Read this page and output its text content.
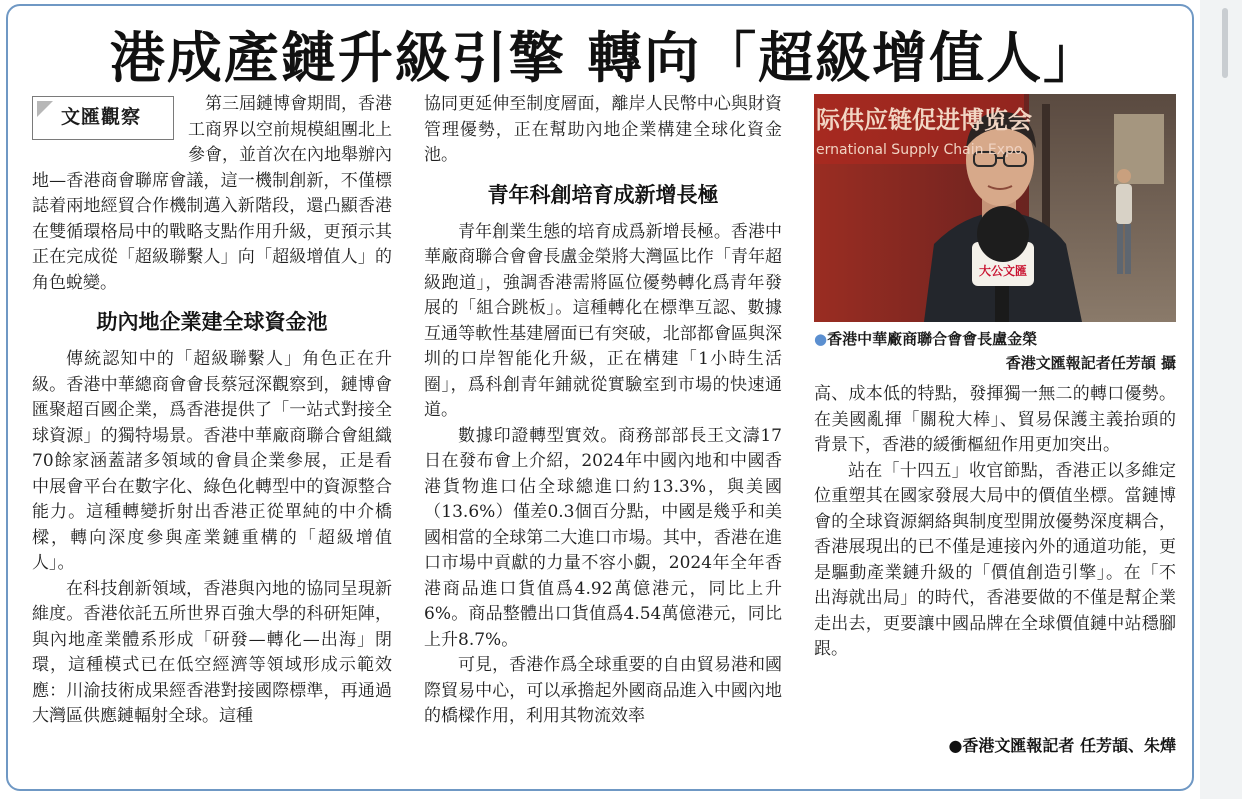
港成產鏈升級引擎 轉向「超級增值人」
文匯觀察

第三屆鏈博會期間，香港工商界以空前規模組團北上參會，並首次在內地舉辦內地—香港商會聯席會議，這一機制創新，不僅標誌着兩地經貿合作機制邁入新階段，還凸顯香港在雙循環格局中的戰略支點作用升級，更預示其正在完成從「超級聯繫人」向「超級增值人」的角色蛻變。

助內地企業建全球資金池

傳統認知中的「超級聯繫人」角色正在升級。香港中華總商會會長蔡冠深觀察到，鏈博會匯聚超百國企業，爲香港提供了「一站式對接全球資源」的獨特場景。香港中華廠商聯合會組織70餘家涵蓋諸多領域的會員企業參展，正是看中展會平台在數字化、綠色化轉型中的資源整合能力。這種轉變折射出香港正從單純的中介橋樑，轉向深度參與產業鏈重構的「超級增值人」。

在科技創新領域，香港與內地的協同呈現新維度。香港依託五所世界百強大學的科研矩陣，與內地產業體系形成「研發—轉化—出海」閉環，這種模式已在低空經濟等領域形成示範效應：川渝技術成果經香港對接國際標準，再通過大灣區供應鏈輻射全球。這種

協同更延伸至制度層面，離岸人民幣中心與財資管理優勢，正在幫助內地企業構建全球化資金池。

青年科創培育成新增長極

青年創業生態的培育成爲新增長極。香港中華廠商聯合會會長盧金榮將大灣區比作「青年超級跑道」，強調香港需將區位優勢轉化爲青年發展的「組合跳板」。這種轉化在標準互認、數據互通等軟性基建層面已有突破，北部都會區與深圳的口岸智能化升級，正在構建「1小時生活圈」，爲科創青年鋪就從實驗室到市場的快速通道。

數據印證轉型實效。商務部部長王文濤17日在發布會上介紹，2024年中國內地和中國香港貨物進口佔全球總進口約13.3%，與美國（13.6%）僅差0.3個百分點，中國是幾乎和美國相當的全球第二大進口市場。其中，香港在進口市場中貢獻的力量不容小覷，2024年全年香港商品進口貨值爲4.92萬億港元，同比上升6%。商品整體出口貨值爲4.54萬億港元，同比上升8.7%。

可見，香港作爲全球重要的自由貿易港和國際貿易中心，可以承擔起外國商品進入中國內地的橋樑作用，利用其物流效率

际供应链促进博览会
ernational Supply Chain Expo
大公文匯
●香港中華廠商聯合會會長盧金榮
香港文匯報記者任芳頡 攝

高、成本低的特點，發揮獨一無二的轉口優勢。在美國亂揮「關稅大棒」、貿易保護主義抬頭的背景下，香港的緩衝樞紐作用更加突出。

站在「十四五」收官節點，香港正以多維定位重塑其在國家發展大局中的價值坐標。當鏈博會的全球資源網絡與制度型開放優勢深度耦合，香港展現出的已不僅是連接內外的通道功能，更是驅動產業鏈升級的「價值創造引擎」。在「不出海就出局」的時代，香港要做的不僅是幫企業走出去，更要讓中國品牌在全球價值鏈中站穩腳跟。

●香港文匯報記者 任芳頡、朱燁
